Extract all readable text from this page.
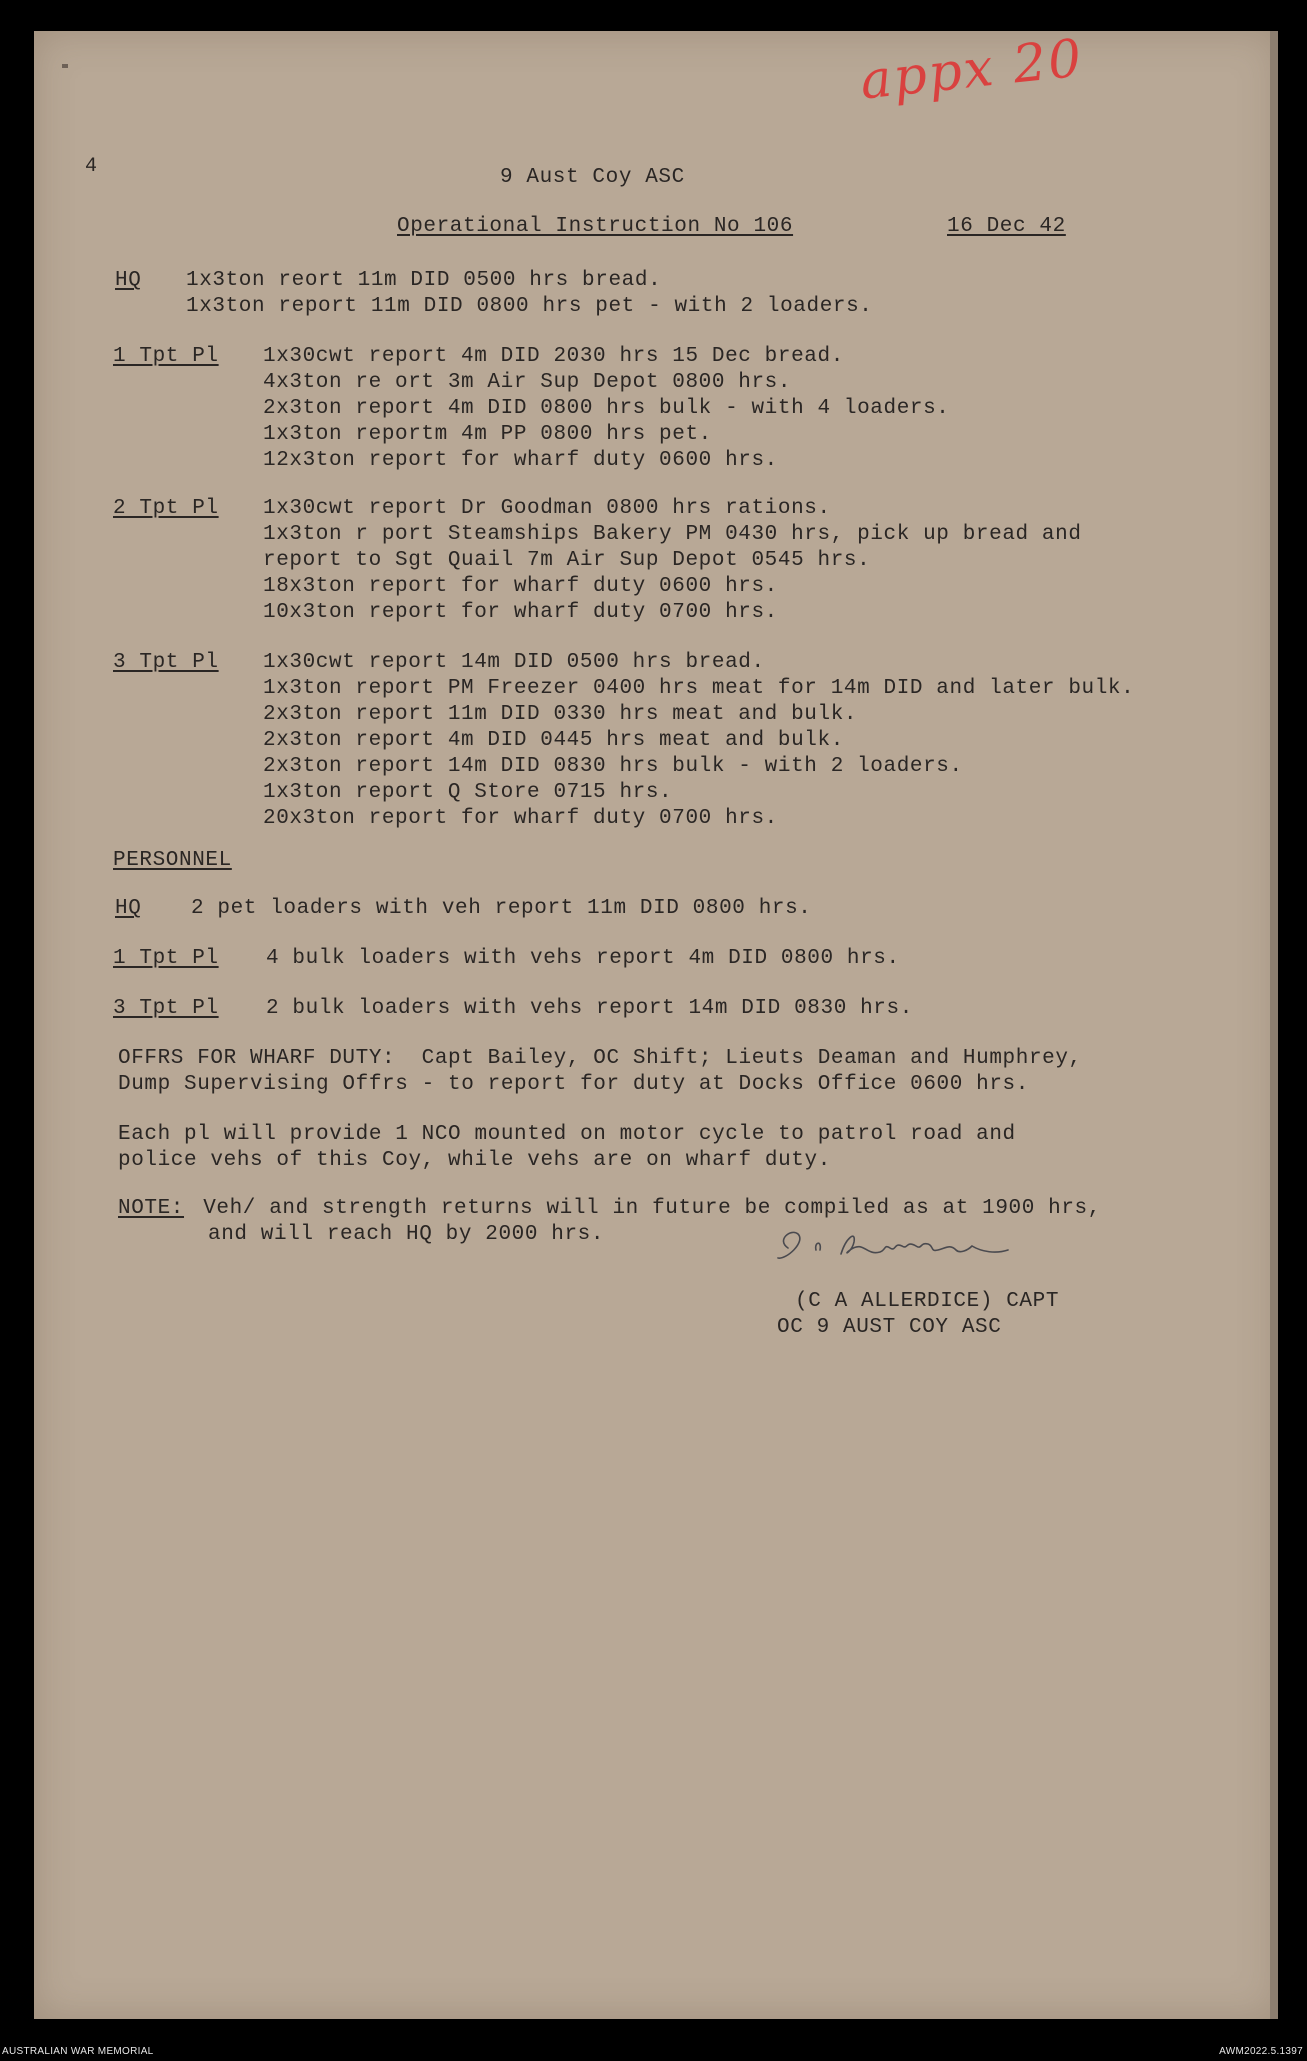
appx 20
4	9 Aust Coy ASC
Operational Instruction No 106	16 Dec 42
HQ 1x3ton reort 11m DID 0500 hrs bread.
1x3ton report 11m DID 0800 hrs pet - with 2 loaders.
1 Tpt Pl 1x30cwt report 4m DID 2030 hrs 15 Dec bread.
4x3ton re ort 3m Air Sup Depot 0800 hrs.
2x3ton report 4m DID 0800 hrs bulk - with 4 loaders.
1x3ton reportm 4m PP 0800 hrs pet.
12x3ton report for wharf duty 0600 hrs.
2 Tpt Pl 1x30cwt report Dr Goodman 0800 hrs rations.
1x3ton r port Steamships Bakery PM 0430 hrs, pick up bread and
report to Sgt Quail 7m Air Sup Depot 0545 hrs.
18x3ton report for wharf duty 0600 hrs.
10x3ton report for wharf duty 0700 hrs.
3 Tpt Pl 1x30cwt report 14m DID 0500 hrs bread.
1x3ton report PM Freezer 0400 hrs meat for 14m DID and later bulk.
2x3ton report 11m DID 0330 hrs meat and bulk.
2x3ton report 4m DID 0445 hrs meat and bulk.
2x3ton report 14m DID 0830 hrs bulk - with 2 loaders.
1x3ton report Q Store 0715 hrs.
20x3ton report for wharf duty 0700 hrs.
PERSONNEL
HQ 2 pet loaders with veh report 11m DID 0800 hrs.
1 Tpt Pl 4 bulk loaders with vehs report 4m DID 0800 hrs.
3 Tpt Pl 2 bulk loaders with vehs report 14m DID 0830 hrs.
OFFRS FOR WHARF DUTY:  Capt Bailey, OC Shift; Lieuts Deaman and Humphrey,
Dump Supervising Offrs - to report for duty at Docks Office 0600 hrs.
Each pl will provide 1 NCO mounted on motor cycle to patrol road and
police vehs of this Coy, while vehs are on wharf duty.
NOTE: Veh/ and strength returns will in future be compiled as at 1900 hrs,
and will reach HQ by 2000 hrs.
(C A ALLERDICE) CAPT
OC 9 AUST COY ASC
AUSTRALIAN WAR MEMORIAL	AWM2022.5.1397
